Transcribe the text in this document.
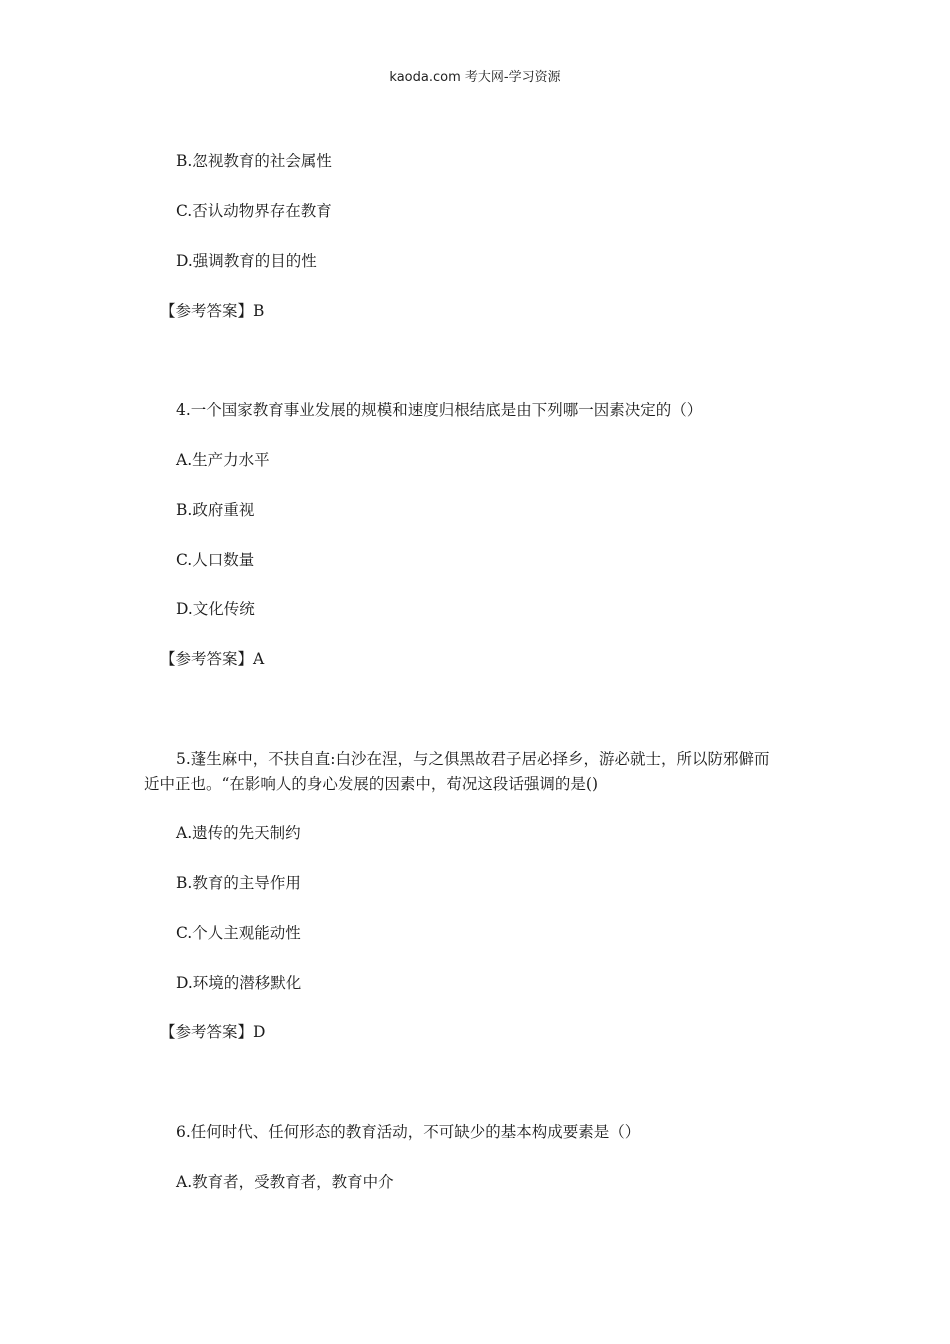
kaoda.com 考大网-学习资源
B.忽视教育的社会属性
C.否认动物界存在教育
D.强调教育的目的性
【参考答案】B
4.一个国家教育事业发展的规模和速度归根结底是由下列哪一因素决定的（）
A.生产力水平
B.政府重视
C.人口数量
D.文化传统
【参考答案】A
5.蓬生麻中，不扶自直:白沙在涅，与之俱黑故君子居必择乡，游必就士，所以防邪僻而
近中正也。“在影响人的身心发展的因素中，荀况这段话强调的是()
A.遗传的先天制约
B.教育的主导作用
C.个人主观能动性
D.环境的潜移默化
【参考答案】D
6.任何时代、任何形态的教育活动，不可缺少的基本构成要素是（）
A.教育者，受教育者，教育中介
